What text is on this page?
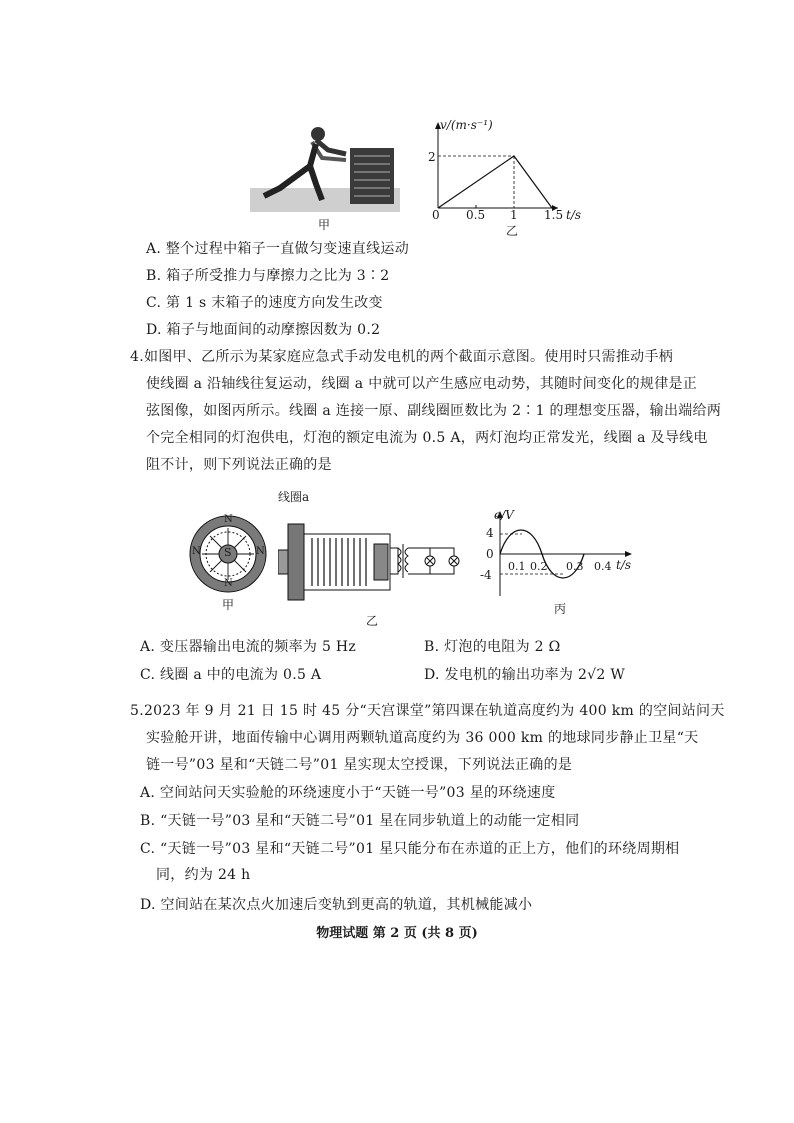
甲
v/(m·s⁻¹)
2
0 0.5 1 1.5 t/s
乙
A. 整个过程中箱子一直做匀变速直线运动
B. 箱子所受推力与摩擦力之比为 3∶2
C. 第 1 s 末箱子的速度方向发生改变
D. 箱子与地面间的动摩擦因数为 0.2
4.如图甲、乙所示为某家庭应急式手动发电机的两个截面示意图。使用时只需推动手柄
使线圈 a 沿轴线往复运动，线圈 a 中就可以产生感应电动势，其随时间变化的规律是正
弦图像，如图丙所示。线圈 a 连接一原、副线圈匝数比为 2∶1 的理想变压器，输出端给两
个完全相同的灯泡供电，灯泡的额定电流为 0.5 A，两灯泡均正常发光，线圈 a 及导线电
阻不计，则下列说法正确的是
S
N
N
N	N
甲
线圈a
乙
e/V
4
0
-4
0.1 0.2 0.3 0.4 t/s
丙
A. 变压器输出电流的频率为 5 Hz	B. 灯泡的电阻为 2 Ω
C. 线圈 a 中的电流为 0.5 A	D. 发电机的输出功率为 2√2 W
5.2023 年 9 月 21 日 15 时 45 分“天宫课堂”第四课在轨道高度约为 400 km 的空间站问天
实验舱开讲，地面传输中心调用两颗轨道高度约为 36 000 km 的地球同步静止卫星“天
链一号”03 星和“天链二号”01 星实现太空授课，下列说法正确的是
A. 空间站问天实验舱的环绕速度小于“天链一号”03 星的环绕速度
B. “天链一号”03 星和“天链二号”01 星在同步轨道上的动能一定相同
C. “天链一号”03 星和“天链二号”01 星只能分布在赤道的正上方，他们的环绕周期相
同，约为 24 h
D. 空间站在某次点火加速后变轨到更高的轨道，其机械能减小
物理试题 第 2 页 (共 8 页)
